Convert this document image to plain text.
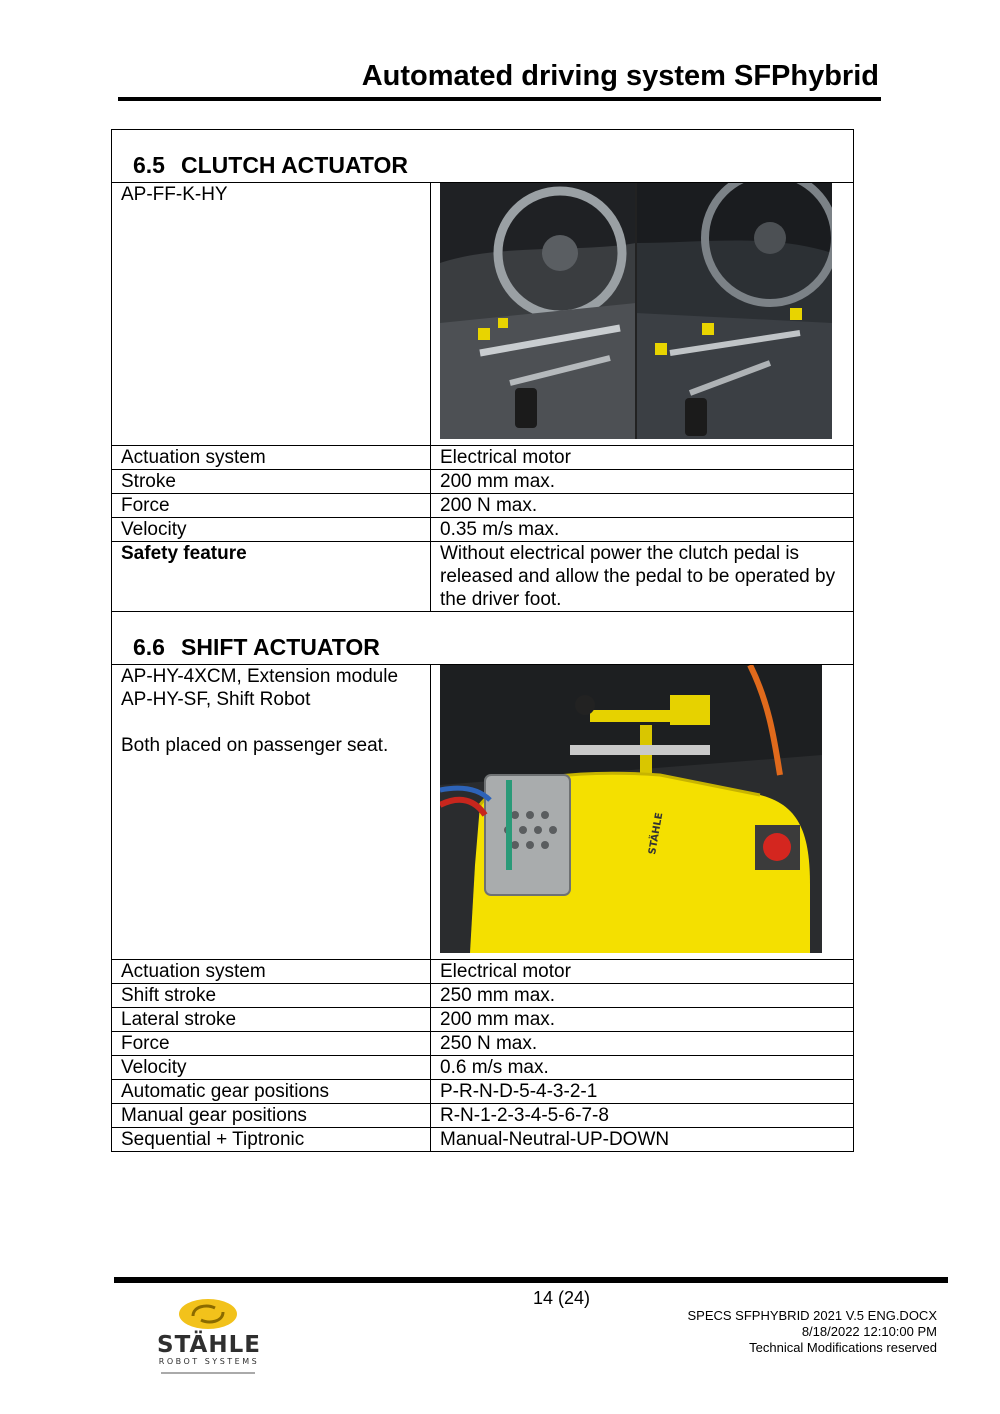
Automated driving system SFPhybrid
6.5 CLUTCH ACTUATOR	
AP-FF-K-HY	
Actuation system	Electrical motor
Stroke	200 mm max.
Force	200 N max.
Velocity	0.35 m/s max.
Safety feature	Without electrical power the clutch pedal is released and allow the pedal to be operated by the driver foot.
6.6 SHIFT ACTUATOR	
AP-HY-4XCM, Extension module
AP-HY-SF, Shift Robot

Both placed on passenger seat.	STÄHLE

Actuation system	Electrical motor
Shift stroke	250 mm max.
Lateral stroke	200 mm max.
Force	250 N max.
Velocity	0.6 m/s max.
Automatic gear positions	P-R-N-D-5-4-3-2-1
Manual gear positions	R-N-1-2-3-4-5-6-7-8
Sequential + Tiptronic	Manual-Neutral-UP-DOWN
14 (24)
STÄHLE
ROBOT SYSTEMS
SPECS SFPHYBRID 2021 V.5 ENG.DOCX
8/18/2022 12:10:00 PM
Technical Modifications reserved
